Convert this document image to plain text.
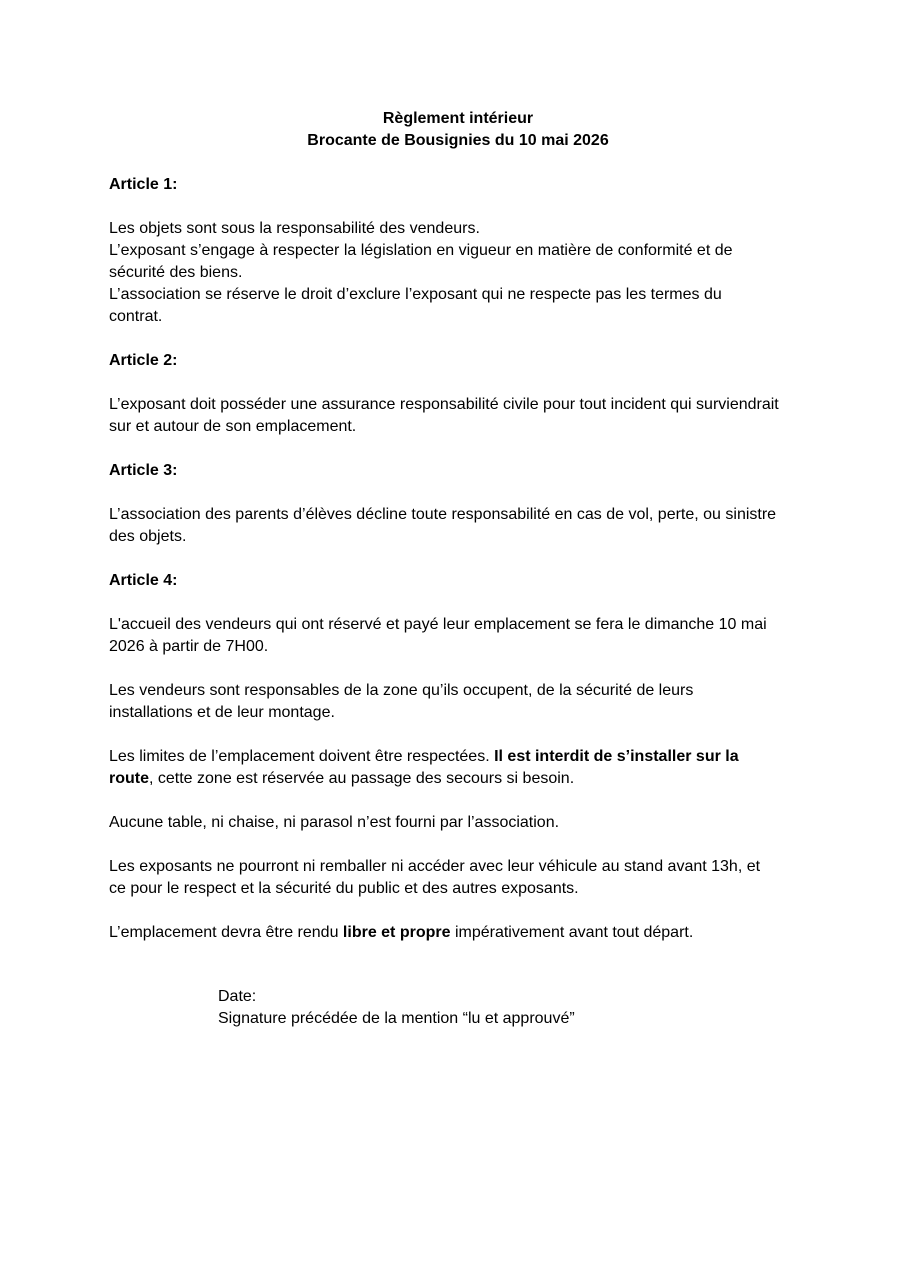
Règlement intérieur
Brocante de Bousignies du 10 mai 2026

Article 1:

Les objets sont sous la responsabilité des vendeurs.
L’exposant s’engage à respecter la législation en vigueur en matière de conformité et de sécurité des biens.
L’association se réserve le droit d’exclure l’exposant qui ne respecte pas les termes du contrat.

Article 2:

L’exposant doit posséder une assurance responsabilité civile pour tout incident qui surviendrait sur et autour de son emplacement.

Article 3:

L’association des parents d’élèves décline toute responsabilité en cas de vol, perte, ou sinistre des objets.

Article 4:

L'accueil des vendeurs qui ont réservé et payé leur emplacement se fera le dimanche 10 mai 2026 à partir de 7H00.

Les vendeurs sont responsables de la zone qu’ils occupent, de la sécurité de leurs installations et de leur montage.

Les limites de l’emplacement doivent être respectées. Il est interdit de s’installer sur la route, cette zone est réservée au passage des secours si besoin.

Aucune table, ni chaise, ni parasol n’est fourni par l’association.

Les exposants ne pourront ni remballer ni accéder avec leur véhicule au stand avant 13h, et ce pour le respect et la sécurité du public et des autres exposants.

L’emplacement devra être rendu libre et propre impérativement avant tout départ.

Date:
Signature précédée de la mention “lu et approuvé”
